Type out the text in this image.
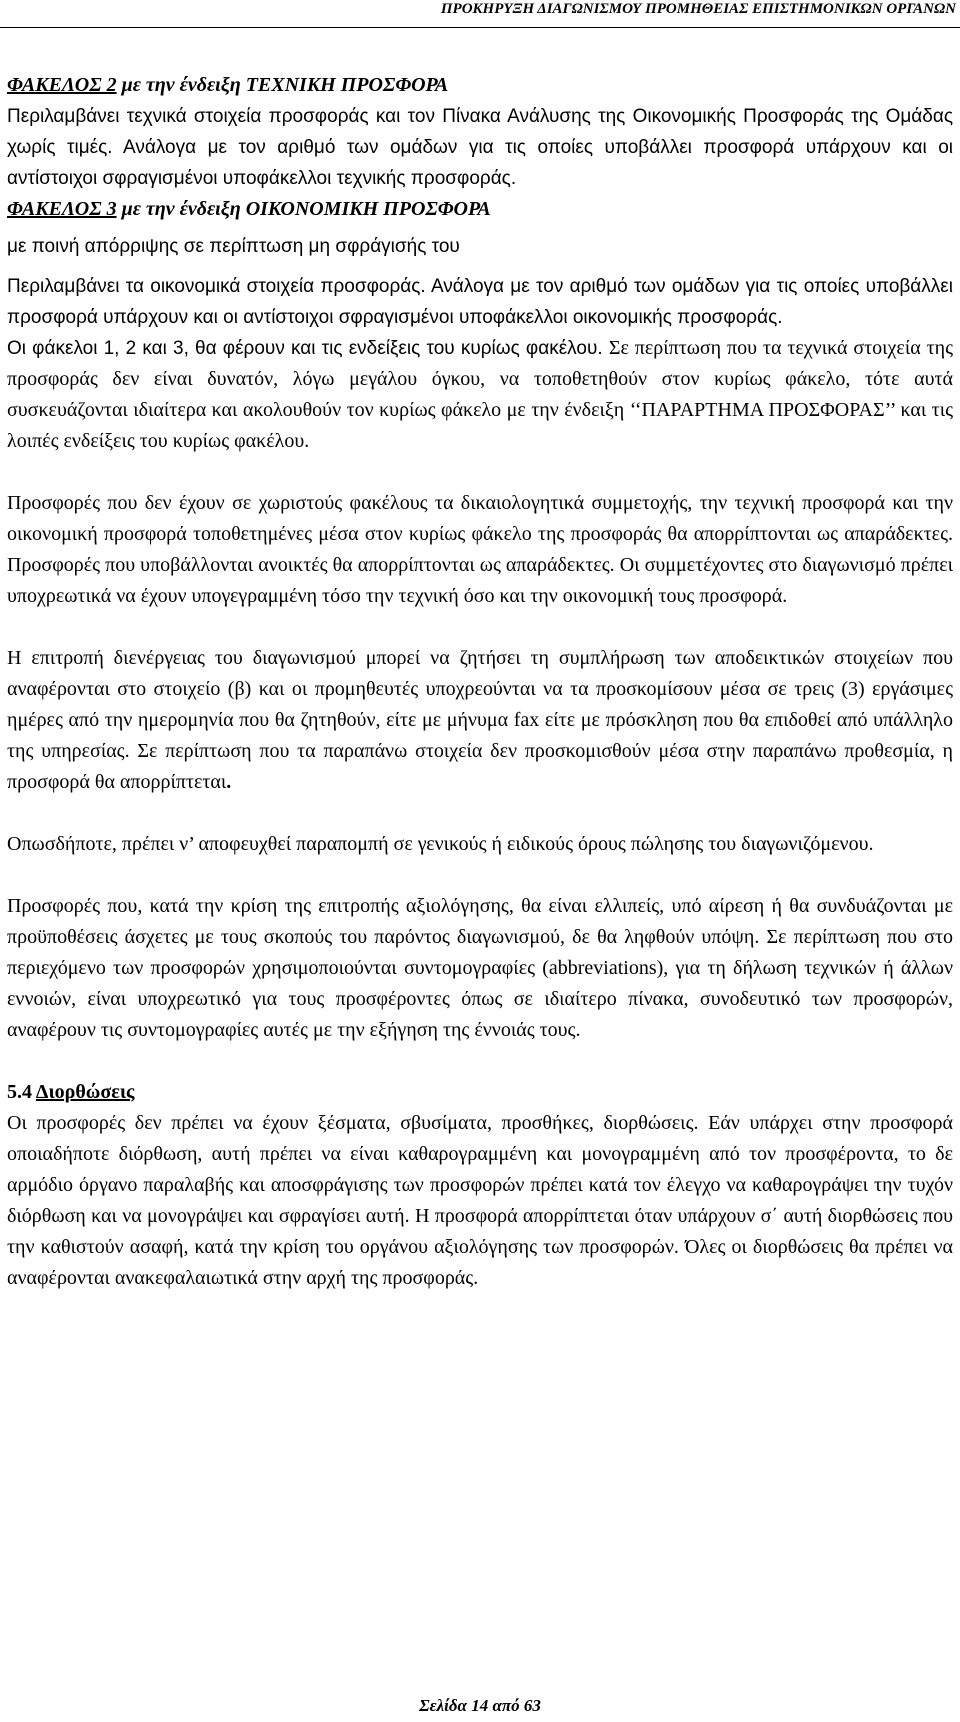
ΠΡΟΚΗΡΥΞΗ ΔΙΑΓΩΝΙΣΜΟΥ ΠΡΟΜΗΘΕΙΑΣ ΕΠΙΣΤΗΜΟΝΙΚΩΝ ΟΡΓΑΝΩΝ

ΦΑΚΕΛΟΣ 2 με την ένδειξη ΤΕΧΝΙΚΗ ΠΡΟΣΦΟΡΑ

Περιλαμβάνει τεχνικά στοιχεία προσφοράς και τον Πίνακα Ανάλυσης της Οικονομικής Προσφοράς της Ομάδας χωρίς τιμές. Ανάλογα με τον αριθμό των ομάδων για τις οποίες υποβάλλει προσφορά υπάρχουν και οι αντίστοιχοι σφραγισμένοι υποφάκελλοι τεχνικής προσφοράς.

ΦΑΚΕΛΟΣ 3 με την ένδειξη ΟΙΚΟΝΟΜΙΚΗ ΠΡΟΣΦΟΡΑ

με ποινή απόρριψης σε περίπτωση μη σφράγισής του

Περιλαμβάνει τα οικονομικά στοιχεία προσφοράς. Ανάλογα με τον αριθμό των ομάδων για τις οποίες υποβάλλει προσφορά υπάρχουν και οι αντίστοιχοι σφραγισμένοι υποφάκελλοι οικονομικής προσφοράς.

Οι φάκελοι 1, 2 και 3, θα φέρουν και τις ενδείξεις του κυρίως φακέλου. Σε περίπτωση που τα τεχνικά στοιχεία της προσφοράς δεν είναι δυνατόν, λόγω μεγάλου όγκου, να τοποθετηθούν στον κυρίως φάκελο, τότε αυτά συσκευάζονται ιδιαίτερα και ακολουθούν τον κυρίως φάκελο με την ένδειξη ‘‘ΠΑΡΑΡΤΗΜΑ ΠΡΟΣΦΟΡΑΣ’’ και τις λοιπές ενδείξεις του κυρίως φακέλου.

Προσφορές που δεν έχουν σε χωριστούς φακέλους τα δικαιολογητικά συμμετοχής, την τεχνική προσφορά και την οικονομική προσφορά τοποθετημένες μέσα στον κυρίως φάκελο της προσφοράς θα απορρίπτονται ως απαράδεκτες. Προσφορές που υποβάλλονται ανοικτές θα απορρίπτονται ως απαράδεκτες. Οι συμμετέχοντες στο διαγωνισμό πρέπει υποχρεωτικά να έχουν υπογεγραμμένη τόσο την τεχνική όσο και την οικονομική τους προσφορά.

Η επιτροπή διενέργειας του διαγωνισμού μπορεί να ζητήσει τη συμπλήρωση των αποδεικτικών στοιχείων που αναφέρονται στο στοιχείο (β) και οι προμηθευτές υποχρεούνται να τα προσκομίσουν μέσα σε τρεις (3) εργάσιμες ημέρες από την ημερομηνία που θα ζητηθούν, είτε με μήνυμα fax είτε με πρόσκληση που θα επιδοθεί από υπάλληλο της υπηρεσίας. Σε περίπτωση που τα παραπάνω στοιχεία δεν προσκομισθούν μέσα στην παραπάνω προθεσμία, η προσφορά θα απορρίπτεται.

Οπωσδήποτε, πρέπει ν’ αποφευχθεί παραπομπή σε γενικούς ή ειδικούς όρους πώλησης του διαγωνιζόμενου.

Προσφορές που, κατά την κρίση της επιτροπής αξιολόγησης, θα είναι ελλιπείς, υπό αίρεση ή θα συνδυάζονται με προϋποθέσεις άσχετες με τους σκοπούς του παρόντος διαγωνισμού, δε θα ληφθούν υπόψη. Σε περίπτωση που στο περιεχόμενο των προσφορών χρησιμοποιούνται συντομογραφίες (abbreviations), για τη δήλωση τεχνικών ή άλλων εννοιών, είναι υποχρεωτικό για τους προσφέροντες όπως σε ιδιαίτερο πίνακα, συνοδευτικό των προσφορών, αναφέρουν τις συντομογραφίες αυτές με την εξήγηση της έννοιάς τους.

5.4 Διορθώσεις

Οι προσφορές δεν πρέπει να έχουν ξέσματα, σβυσίματα, προσθήκες, διορθώσεις. Εάν υπάρχει στην προσφορά οποιαδήποτε διόρθωση, αυτή πρέπει να είναι καθαρογραμμένη και μονογραμμένη από τον προσφέροντα, το δε αρμόδιο όργανο παραλαβής και αποσφράγισης των προσφορών πρέπει κατά τον έλεγχο να καθαρογράψει την τυχόν διόρθωση και να μονογράψει και σφραγίσει αυτή. Η προσφορά απορρίπτεται όταν υπάρχουν σ΄ αυτή διορθώσεις που την καθιστούν ασαφή, κατά την κρίση του οργάνου αξιολόγησης των προσφορών. Όλες οι διορθώσεις θα πρέπει να αναφέρονται ανακεφαλαιωτικά στην αρχή της προσφοράς.

Σελίδα 14 από 63
